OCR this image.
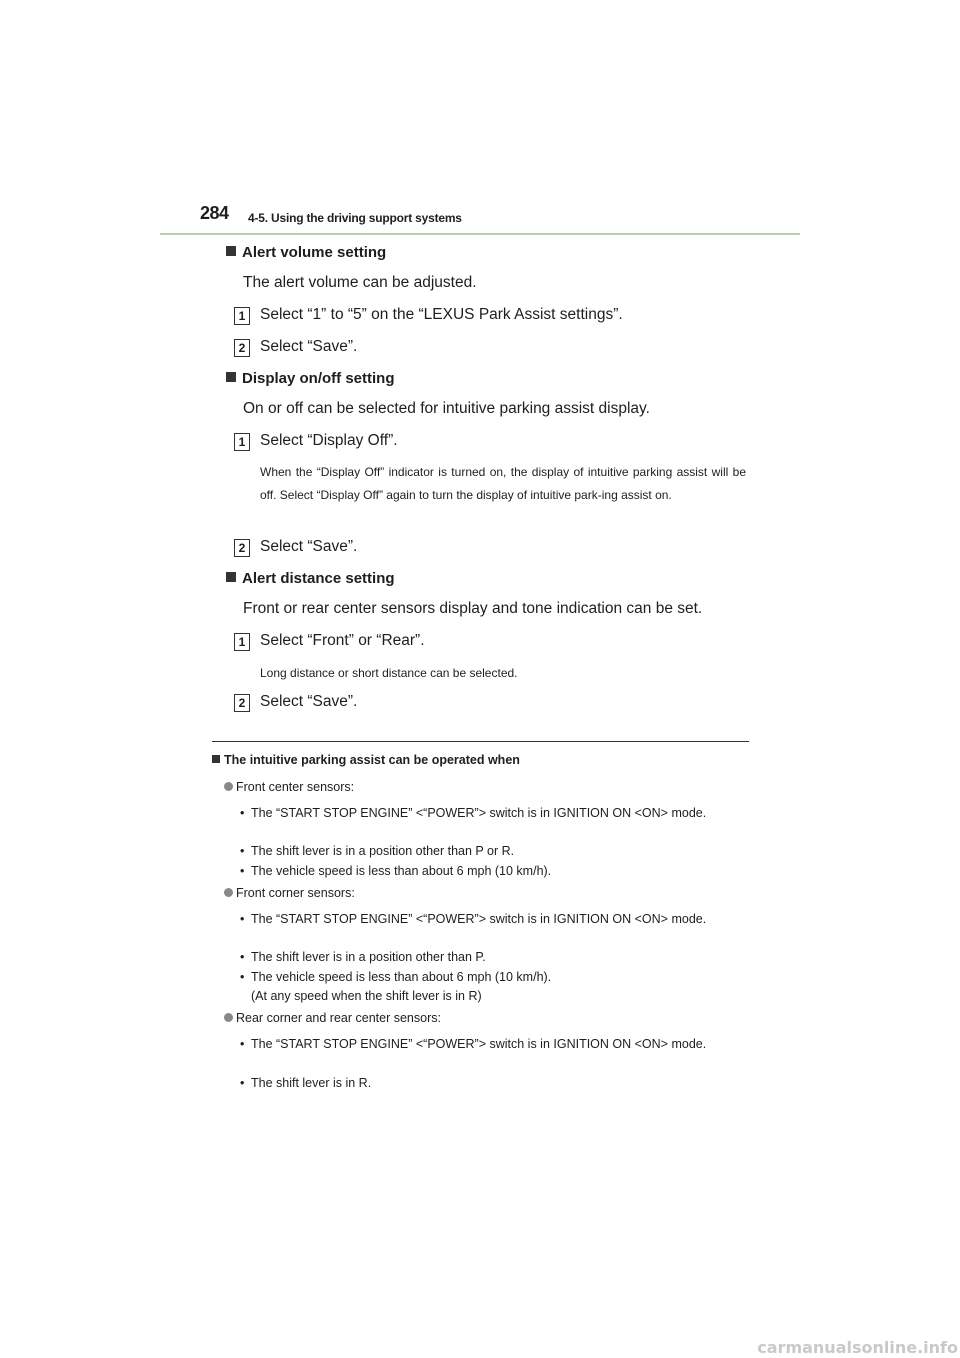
284 4-5. Using the driving support systems
Alert volume setting
The alert volume can be adjusted.
1 Select “1” to “5” on the “LEXUS Park Assist settings”.
2 Select “Save”.
Display on/off setting
On or off can be selected for intuitive parking assist display.
1 Select “Display Off”.
When the “Display Off” indicator is turned on, the display of intuitive parking assist will be off. Select “Display Off” again to turn the display of intuitive park-ing assist on.
2 Select “Save”.
Alert distance setting
Front or rear center sensors display and tone indication can be set.
1 Select “Front” or “Rear”.
Long distance or short distance can be selected.
2 Select “Save”.
The intuitive parking assist can be operated when
Front center sensors:
• The “START STOP ENGINE” <“POWER”> switch is in IGNITION ON <ON> mode.
• The shift lever is in a position other than P or R.
• The vehicle speed is less than about 6 mph (10 km/h).
Front corner sensors:
• The “START STOP ENGINE” <“POWER”> switch is in IGNITION ON <ON> mode.
• The shift lever is in a position other than P.
• The vehicle speed is less than about 6 mph (10 km/h).
(At any speed when the shift lever is in R)
Rear corner and rear center sensors:
• The “START STOP ENGINE” <“POWER”> switch is in IGNITION ON <ON> mode.
• The shift lever is in R.
carmanualsonline.info
